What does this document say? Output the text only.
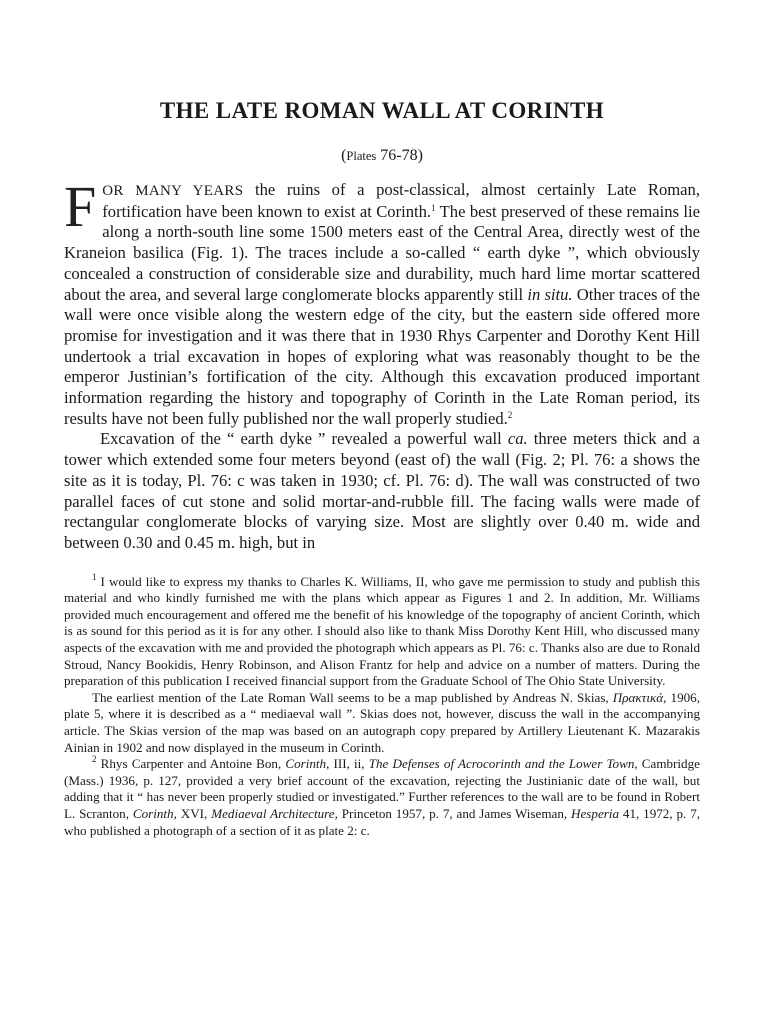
THE LATE ROMAN WALL AT CORINTH
(Plates 76-78)

FOR MANY YEARS the ruins of a post-classical, almost certainly Late Roman, fortification have been known to exist at Corinth.$^1$ The best preserved of these remains lie along a north-south line some 1500 meters east of the Central Area, directly west of the Kraneion basilica (Fig. 1). The traces include a so-called “ earth dyke ”, which obviously concealed a construction of considerable size and durability, much hard lime mortar scattered about the area, and several large conglomerate blocks apparently still in situ. Other traces of the wall were once visible along the western edge of the city, but the eastern side offered more promise for investigation and it was there that in 1930 Rhys Carpenter and Dorothy Kent Hill undertook a trial excavation in hopes of exploring what was reasonably thought to be the emperor Justinian’s fortification of the city. Although this excavation produced important information regarding the history and topography of Corinth in the Late Roman period, its results have not been fully published nor the wall properly studied.$^2$

Excavation of the “ earth dyke ” revealed a powerful wall ca. three meters thick and a tower which extended some four meters beyond (east of) the wall (Fig. 2; Pl. 76: a shows the site as it is today, Pl. 76: c was taken in 1930; cf. Pl. 76: d). The wall was constructed of two parallel faces of cut stone and solid mortar-and-rubble fill. The facing walls were made of rectangular conglomerate blocks of varying size. Most are slightly over 0.40 m. wide and between 0.30 and 0.45 m. high, but in

$^1$ I would like to express my thanks to Charles K. Williams, II, who gave me permission to study and publish this material and who kindly furnished me with the plans which appear as Figures 1 and 2. In addition, Mr. Williams provided much encouragement and offered me the benefit of his knowledge of the topography of ancient Corinth, which is as sound for this period as it is for any other. I should also like to thank Miss Dorothy Kent Hill, who discussed many aspects of the excavation with me and provided the photograph which appears as Pl. 76: c. Thanks also are due to Ronald Stroud, Nancy Bookidis, Henry Robinson, and Alison Frantz for help and advice on a number of matters. During the preparation of this publication I received financial support from the Graduate School of The Ohio State University.

The earliest mention of the Late Roman Wall seems to be a map published by Andreas N. Skias, Πρακτικά, 1906, plate 5, where it is described as a “ mediaeval wall ”. Skias does not, however, discuss the wall in the accompanying article. The Skias version of the map was based on an autograph copy prepared by Artillery Lieutenant K. Mazarakis Ainian in 1902 and now displayed in the museum in Corinth.

$^2$ Rhys Carpenter and Antoine Bon, Corinth, III, ii, The Defenses of Acrocorinth and the Lower Town, Cambridge (Mass.) 1936, p. 127, provided a very brief account of the excavation, rejecting the Justinianic date of the wall, but adding that it “ has never been properly studied or investigated.” Further references to the wall are to be found in Robert L. Scranton, Corinth, XVI, Mediaeval Architecture, Princeton 1957, p. 7, and James Wiseman, Hesperia 41, 1972, p. 7, who published a photograph of a section of it as plate 2: c.
